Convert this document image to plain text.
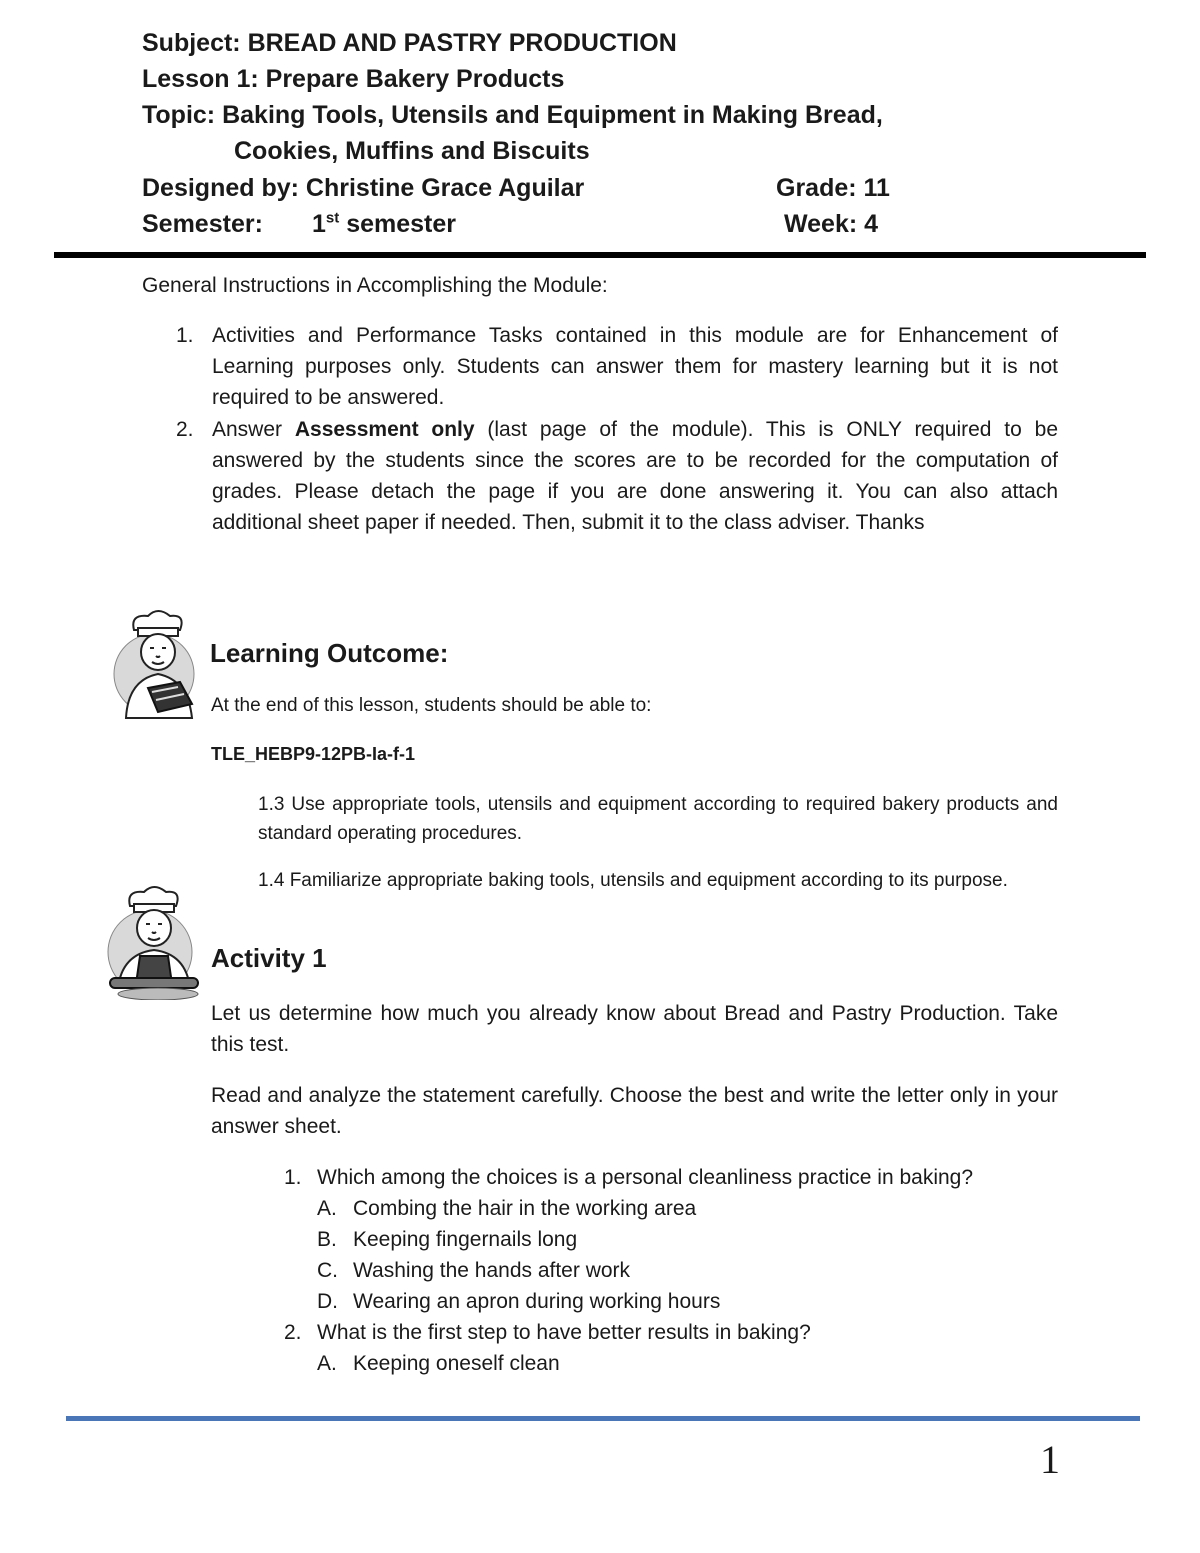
Subject: BREAD AND PASTRY PRODUCTION
Lesson 1: Prepare Bakery Products
Topic: Baking Tools, Utensils and Equipment in Making Bread,
Cookies, Muffins and Biscuits
Designed by: Christine Grace Aguilar	Grade: 11
Semester: 1st semester	Week: 4
General Instructions in Accomplishing the Module:
1. Activities and Performance Tasks contained in this module are for Enhancement of Learning purposes only. Students can answer them for mastery learning but it is not required to be answered.
2. Answer Assessment only (last page of the module). This is ONLY required to be answered by the students since the scores are to be recorded for the computation of grades. Please detach the page if you are done answering it. You can also attach additional sheet paper if needed. Then, submit it to the class adviser. Thanks
Learning Outcome:
At the end of this lesson, students should be able to:
TLE_HEBP9-12PB-Ia-f-1
1.3 Use appropriate tools, utensils and equipment according to required bakery products and standard operating procedures.
1.4 Familiarize appropriate baking tools, utensils and equipment according to its purpose.
Activity 1
Let us determine how much you already know about Bread and Pastry Production. Take this test.
Read and analyze the statement carefully. Choose the best and write the letter only in your answer sheet.
1. Which among the choices is a personal cleanliness practice in baking?
A. Combing the hair in the working area
B. Keeping fingernails long
C. Washing the hands after work
D. Wearing an apron during working hours
2. What is the first step to have better results in baking?
A. Keeping oneself clean
1
